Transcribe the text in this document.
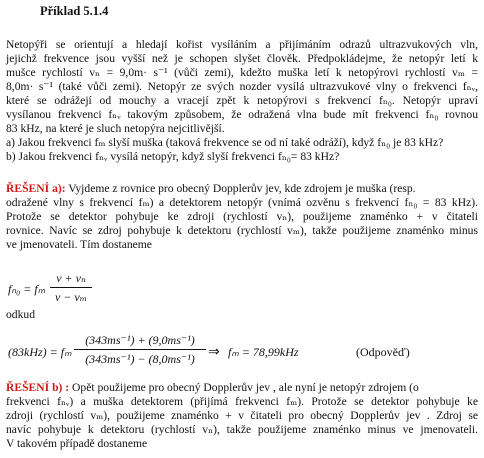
Příklad 5.1.4
Netopýři se orientují a hledají kořist vysíláním a přijímáním odrazů ultrazvukových vln,
jejichž frekvence jsou vyšší než je schopen slyšet člověk. Předpokládejme, že netopýr letí k
mušce rychlostí vₙ = 9,0m· s⁻¹ (vůči zemi), kdežto muška letí k netopýrovi rychlostí vₘ =
8,0m· s⁻¹ (také vůči zemi). Netopýr ze svých nozder vysílá ultrazvukové vlny o frekvenci fₙᵥ,
které se odrážejí od mouchy a vracejí zpět k netopýrovi s frekvencí fₙ₀. Netopýr upraví
vysílanou frekvenci fₙᵥ takovým způsobem, že odražená vlna bude mít frekvenci fₙ₀ rovnou
83 kHz, na které je sluch netopýra nejcitlivější.
a) Jakou frekvenci fₘ slyší muška (taková frekvence se od ní také odráží), když fₙ₀ je 83 kHz?
b) Jakou frekvenci fₙᵥ vysílá netopýr, když slyší frekvenci fₙ₀= 83 kHz?
ŘEŠENÍ a): Vyjdeme z rovnice pro obecný Dopplerův jev, kde zdrojem je muška (resp.
odražené vlny s frekvencí fₘ) a detektorem netopýr (vnímá ozvěnu s frekvencí fₙ₀ = 83 kHz).
Protože se detektor pohybuje ke zdroji (rychlostí vₙ), použijeme znaménko + v čitateli
rovnice. Navíc se zdroj pohybuje k detektoru (rychlostí vₘ), takže použijeme znaménko minus
ve jmenovateli. Tím dostaneme
fₙ₀ = fₘ
v + vₙ
v − vₘ
odkud
(83kHz) = fₘ
(343ms⁻¹) + (9,0ms⁻¹)
(343ms⁻¹) − (8,0ms⁻¹) ⇒ fₘ = 78,99kHz	(Odpověď)
ŘEŠENÍ b) : Opět použijeme pro obecný Dopplerův jev , ale nyní je netopýr zdrojem (o
frekvenci fₙᵥ) a muška detektorem (přijímá frekvenci fₘ). Protože se detektor pohybuje ke
zdroji (rychlostí vₘ), použijeme znaménko + v čitateli pro obecný Dopplerův jev . Zdroj se
navíc pohybuje k detektoru (rychlostí vₙ), takže použijeme znaménko minus ve jmenovateli.
V takovém případě dostaneme
